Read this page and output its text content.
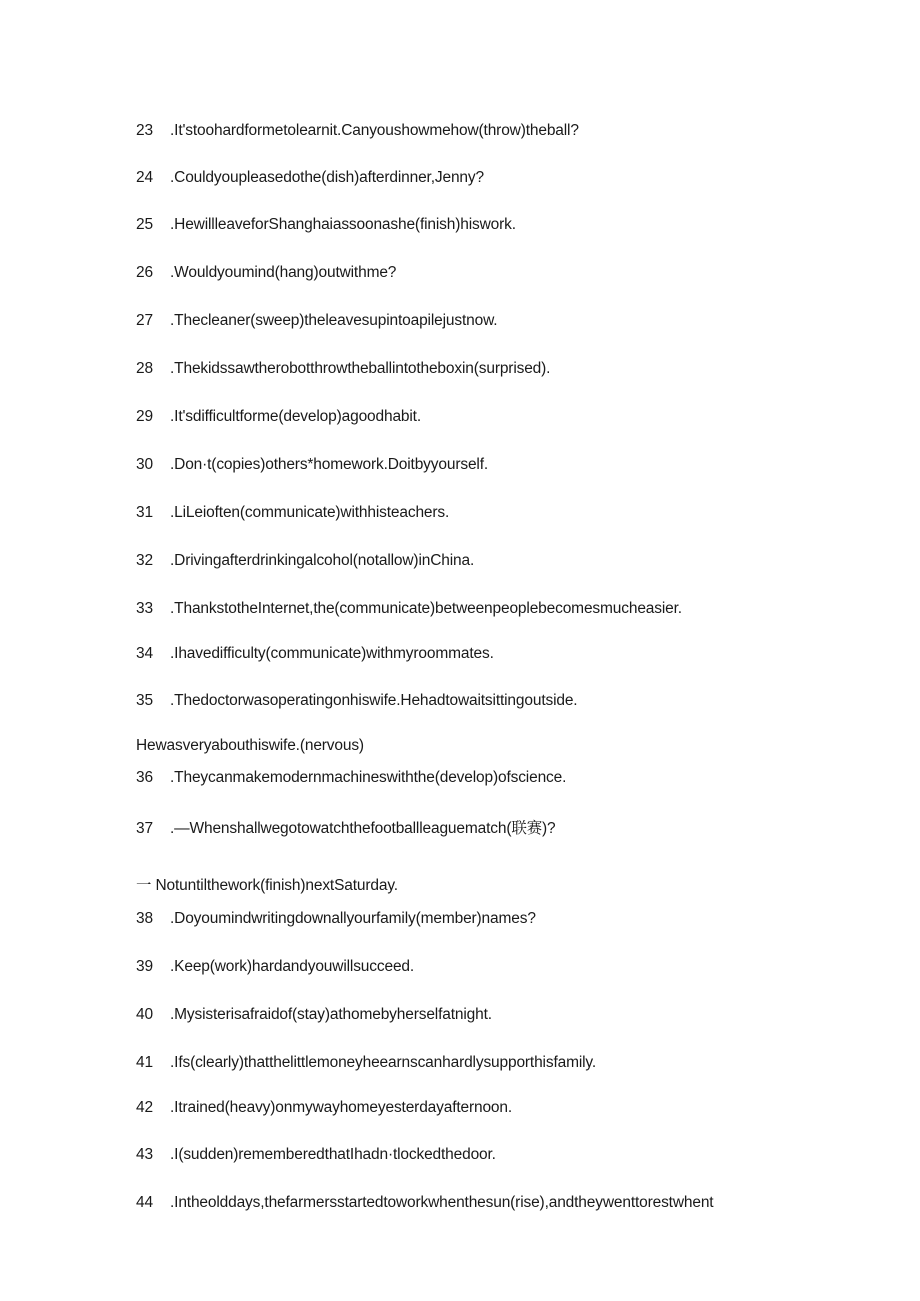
23 .It'stoohardformetolearnit.Canyoushowmehow(throw)theball?
24 .Couldyoupleasedothe(dish)afterdinner,Jenny?
25 .HewillleaveforShanghaiassoonashe(finish)hiswork.
26 .Wouldyoumind(hang)outwithme?
27 .Thecleaner(sweep)theleavesupintoapilejustnow.
28 .Thekidssawtherobotthrowtheballintotheboxin(surprised).
29 .It'sdifficultforme(develop)agoodhabit.
30 .Don·t(copies)others*homework.Doitbyyourself.
31 .LiLeioften(communicate)withhisteachers.
32 .Drivingafterdrinkingalcohol(notallow)inChina.
33 .ThankstotheInternet,the(communicate)betweenpeoplebecomesmucheasier.
34 .Ihavedifficulty(communicate)withmyroommates.
35 .Thedoctorwasoperatingonhiswife.Hehadtowaitsittingoutside.
Hewasveryabouthiswife.(nervous)
36 .Theycanmakemodernmachineswiththe(develop)ofscience.
37 .—Whenshallwegotowatchthefootballleaguematch(联赛)?
一 Notuntilthework(finish)nextSaturday.
38 .Doyoumindwritingdownallyourfamily(member)names?
39 .Keep(work)hardandyouwillsucceed.
40 .Mysisterisafraidof(stay)athomebyherselfatnight.
41 .Ifs(clearly)thatthelittlemoneyheearnscanhardlysupporthisfamily.
42 .Itrained(heavy)onmywayhomeyesterdayafternoon.
43 .I(sudden)rememberedthatIhadn·tlockedthedoor.
44 .Intheolddays,thefarmersstartedtoworkwhenthesun(rise),andtheywenttorestwhent
